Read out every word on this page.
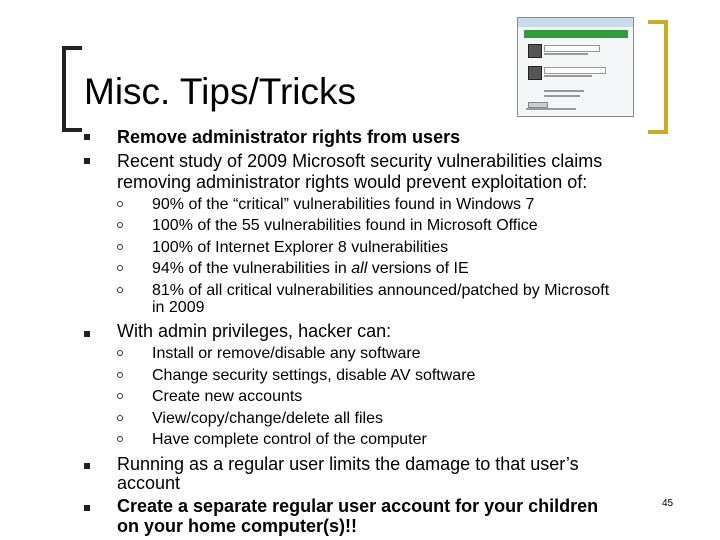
Misc. Tips/Tricks
Remove administrator rights from users
Recent study of 2009 Microsoft security vulnerabilities claims
removing administrator rights would prevent exploitation of:
90% of the “critical” vulnerabilities found in Windows 7
100% of the 55 vulnerabilities found in Microsoft Office
100% of Internet Explorer 8 vulnerabilities
94% of the vulnerabilities in all versions of IE
81% of all critical vulnerabilities announced/patched by Microsoft
in 2009
With admin privileges, hacker can:
Install or remove/disable any software
Change security settings, disable AV software
Create new accounts
View/copy/change/delete all files
Have complete control of the computer
Running as a regular user limits the damage to that user’s
account
Create a separate regular user account for your children
on your home computer(s)!!
45
